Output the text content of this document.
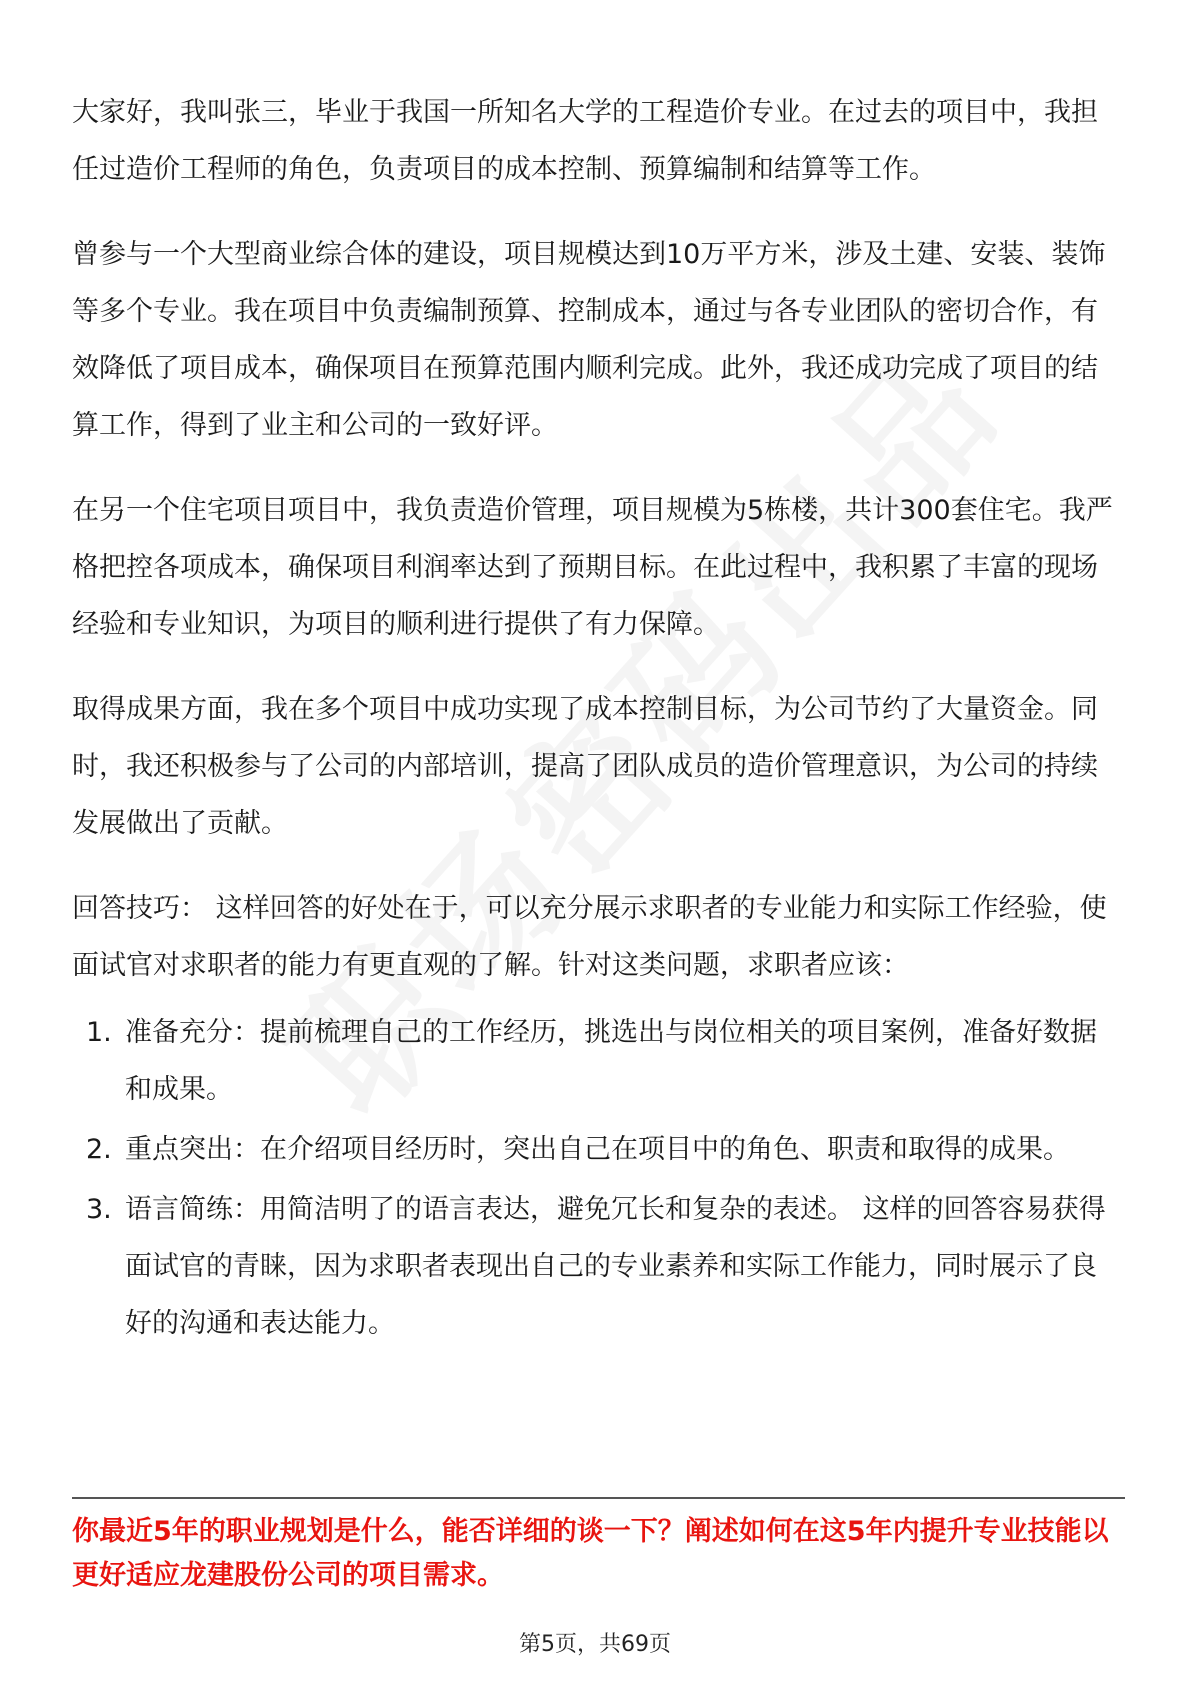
大家好，我叫张三，毕业于我国一所知名大学的工程造价专业。在过去的项目中，我担任过造价工程师的角色，负责项目的成本控制、预算编制和结算等工作。

曾参与一个大型商业综合体的建设，项目规模达到10万平方米，涉及土建、安装、装饰等多个专业。我在项目中负责编制预算、控制成本，通过与各专业团队的密切合作，有效降低了项目成本，确保项目在预算范围内顺利完成。此外，我还成功完成了项目的结算工作，得到了业主和公司的一致好评。

在另一个住宅项目项目中，我负责造价管理，项目规模为5栋楼，共计300套住宅。我严格把控各项成本，确保项目利润率达到了预期目标。在此过程中，我积累了丰富的现场经验和专业知识，为项目的顺利进行提供了有力保障。

取得成果方面，我在多个项目中成功实现了成本控制目标，为公司节约了大量资金。同时，我还积极参与了公司的内部培训，提高了团队成员的造价管理意识，为公司的持续发展做出了贡献。

回答技巧： 这样回答的好处在于，可以充分展示求职者的专业能力和实际工作经验，使面试官对求职者的能力有更直观的了解。针对这类问题，求职者应该：

1. 准备充分：提前梳理自己的工作经历，挑选出与岗位相关的项目案例，准备好数据和成果。
2. 重点突出：在介绍项目经历时，突出自己在项目中的角色、职责和取得的成果。
3. 语言简练：用简洁明了的语言表达，避免冗长和复杂的表述。 这样的回答容易获得面试官的青睐，因为求职者表现出自己的专业素养和实际工作能力，同时展示了良好的沟通和表达能力。
你最近5年的职业规划是什么，能否详细的谈一下？阐述如何在这5年内提升专业技能以更好适应龙建股份公司的项目需求。
第5页，共69页
